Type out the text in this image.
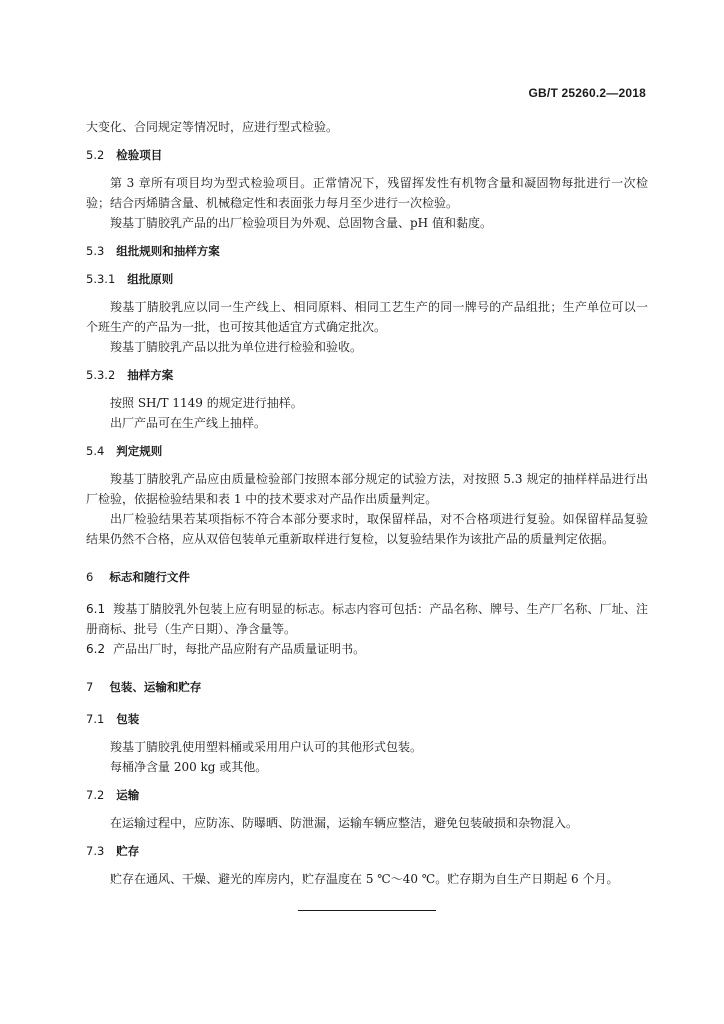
GB/T 25260.2—2018

大变化、合同规定等情况时，应进行型式检验。

5.2 检验项目

第 3 章所有项目均为型式检验项目。正常情况下，残留挥发性有机物含量和凝固物每批进行一次检验；结合丙烯腈含量、机械稳定性和表面张力每月至少进行一次检验。

羧基丁腈胶乳产品的出厂检验项目为外观、总固物含量、pH 值和黏度。

5.3 组批规则和抽样方案
5.3.1 组批原则

羧基丁腈胶乳应以同一生产线上、相同原料、相同工艺生产的同一牌号的产品组批；生产单位可以一个班生产的产品为一批，也可按其他适宜方式确定批次。

羧基丁腈胶乳产品以批为单位进行检验和验收。

5.3.2 抽样方案

按照 SH/T 1149 的规定进行抽样。

出厂产品可在生产线上抽样。

5.4 判定规则

羧基丁腈胶乳产品应由质量检验部门按照本部分规定的试验方法，对按照 5.3 规定的抽样样品进行出厂检验，依据检验结果和表 1 中的技术要求对产品作出质量判定。

出厂检验结果若某项指标不符合本部分要求时，取保留样品，对不合格项进行复验。如保留样品复验结果仍然不合格，应从双倍包装单元重新取样进行复检，以复验结果作为该批产品的质量判定依据。

6 标志和随行文件

6.1 羧基丁腈胶乳外包装上应有明显的标志。标志内容可包括：产品名称、牌号、生产厂名称、厂址、注册商标、批号（生产日期）、净含量等。

6.2 产品出厂时，每批产品应附有产品质量证明书。

7 包装、运输和贮存
7.1 包装

羧基丁腈胶乳使用塑料桶或采用用户认可的其他形式包装。

每桶净含量 200 kg 或其他。

7.2 运输

在运输过程中，应防冻、防曝晒、防泄漏，运输车辆应整洁，避免包装破损和杂物混入。

7.3 贮存

贮存在通风、干燥、避光的库房内，贮存温度在 5 ℃～40 ℃。贮存期为自生产日期起 6 个月。
